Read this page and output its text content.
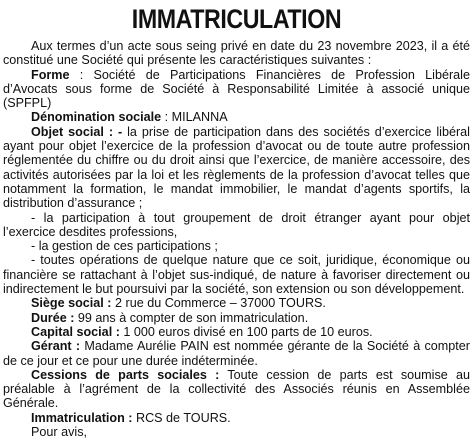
IMMATRICULATION

Aux termes d’un acte sous seing privé en date du 23 novembre 2023, il a été constitué une Société qui présente les caractéristiques suivantes :

Forme : Société de Participations Financières de Profession Libérale d’Avocats sous forme de Société à Responsabilité Limitée à associé unique (SPFPL)

Dénomination sociale : MILANNA

Objet social : - la prise de participation dans des sociétés d’exercice libéral ayant pour objet l’exercice de la profession d’avocat ou de toute autre profession réglementée du chiffre ou du droit ainsi que l’exercice, de manière accessoire, des activités autorisées par la loi et les règlements de la profession d’avocat telles que notamment la formation, le mandat immobilier, le mandat d’agents sportifs, la distribution d’assurance ;

- la participation à tout groupement de droit étranger ayant pour objet l’exercice desdites professions,

- la gestion de ces participations ;

- toutes opérations de quelque nature que ce soit, juridique, économique ou financière se rattachant à l’objet sus-indiqué, de nature à favoriser directement ou indirectement le but poursuivi par la société, son extension ou son développement.

Siège social : 2 rue du Commerce – 37000 TOURS.

Durée : 99 ans à compter de son immatriculation.

Capital social : 1 000 euros divisé en 100 parts de 10 euros.

Gérant : Madame Aurélie PAIN est nommée gérante de la Société à compter de ce jour et ce pour une durée indéterminée.

Cessions de parts sociales : Toute cession de parts est soumise au préalable à l’agrément de la collectivité des Associés réunis en Assemblée Générale.

Immatriculation : RCS de TOURS.

Pour avis,
